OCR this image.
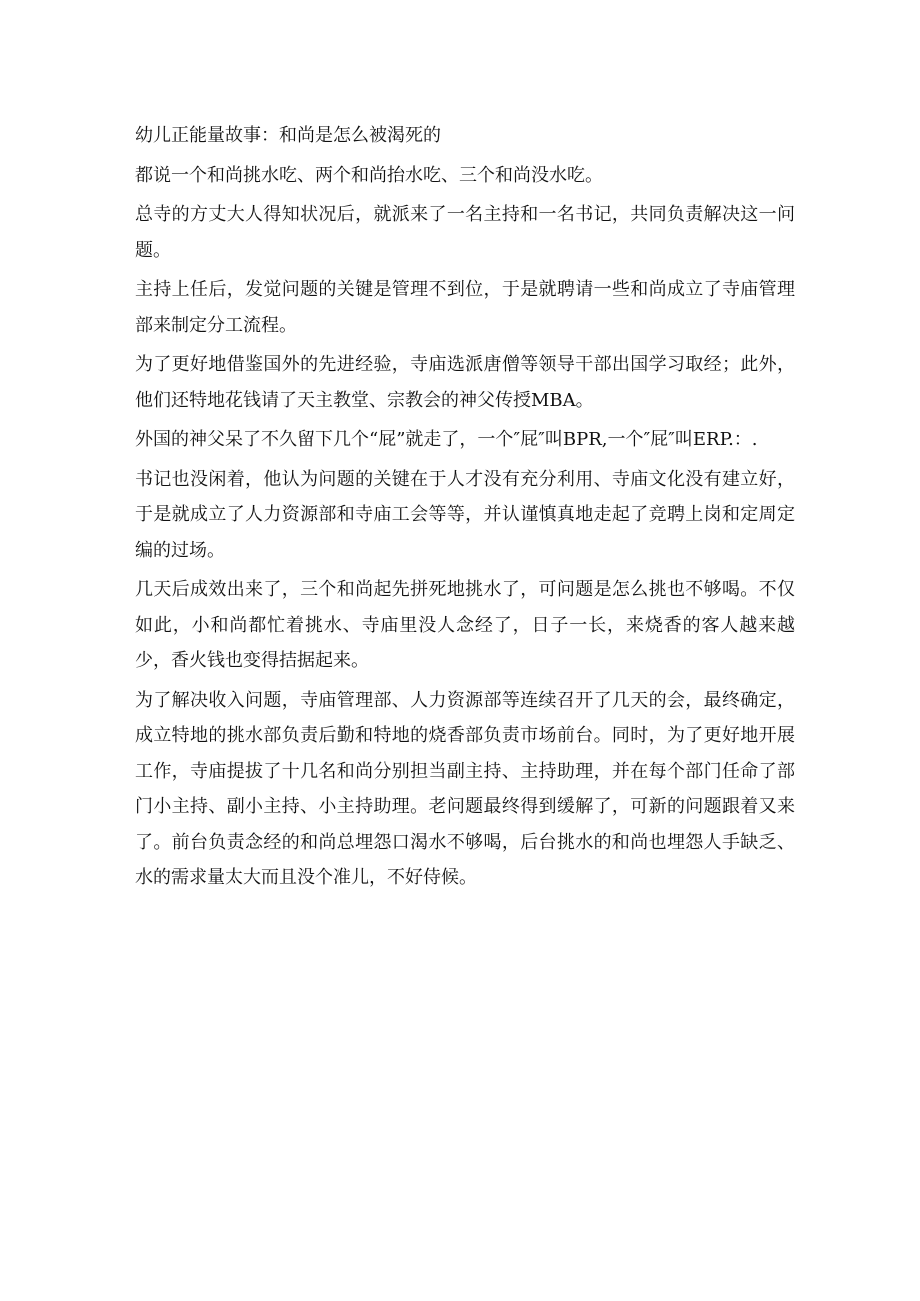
幼儿正能量故事：和尚是怎么被渴死的

都说一个和尚挑水吃、两个和尚抬水吃、三个和尚没水吃。

总寺的方丈大人得知状况后，就派来了一名主持和一名书记，共同负责解决这一问题。

主持上任后，发觉问题的关键是管理不到位，于是就聘请一些和尚成立了寺庙管理部来制定分工流程。

为了更好地借鉴国外的先进经验，寺庙选派唐僧等领导干部出国学习取经；此外，他们还特地花钱请了天主教堂、宗教会的神父传授MBA。

外国的神父呆了不久留下几个“屁”就走了，一个″屁″叫BPR,一个″屁″叫ERP.：.

书记也没闲着，他认为问题的关键在于人才没有充分利用、寺庙文化没有建立好，于是就成立了人力资源部和寺庙工会等等，并认谨慎真地走起了竞聘上岗和定周定编的过场。

几天后成效出来了，三个和尚起先拼死地挑水了，可问题是怎么挑也不够喝。不仅如此，小和尚都忙着挑水、寺庙里没人念经了，日子一长，来烧香的客人越来越少，香火钱也变得拮据起来。

为了解决收入问题，寺庙管理部、人力资源部等连续召开了几天的会，最终确定，成立特地的挑水部负责后勤和特地的烧香部负责市场前台。同时，为了更好地开展工作，寺庙提拔了十几名和尚分别担当副主持、主持助理，并在每个部门任命了部门小主持、副小主持、小主持助理。老问题最终得到缓解了，可新的问题跟着又来了。前台负责念经的和尚总埋怨口渴水不够喝，后台挑水的和尚也埋怨人手缺乏、水的需求量太大而且没个准儿，不好侍候。
